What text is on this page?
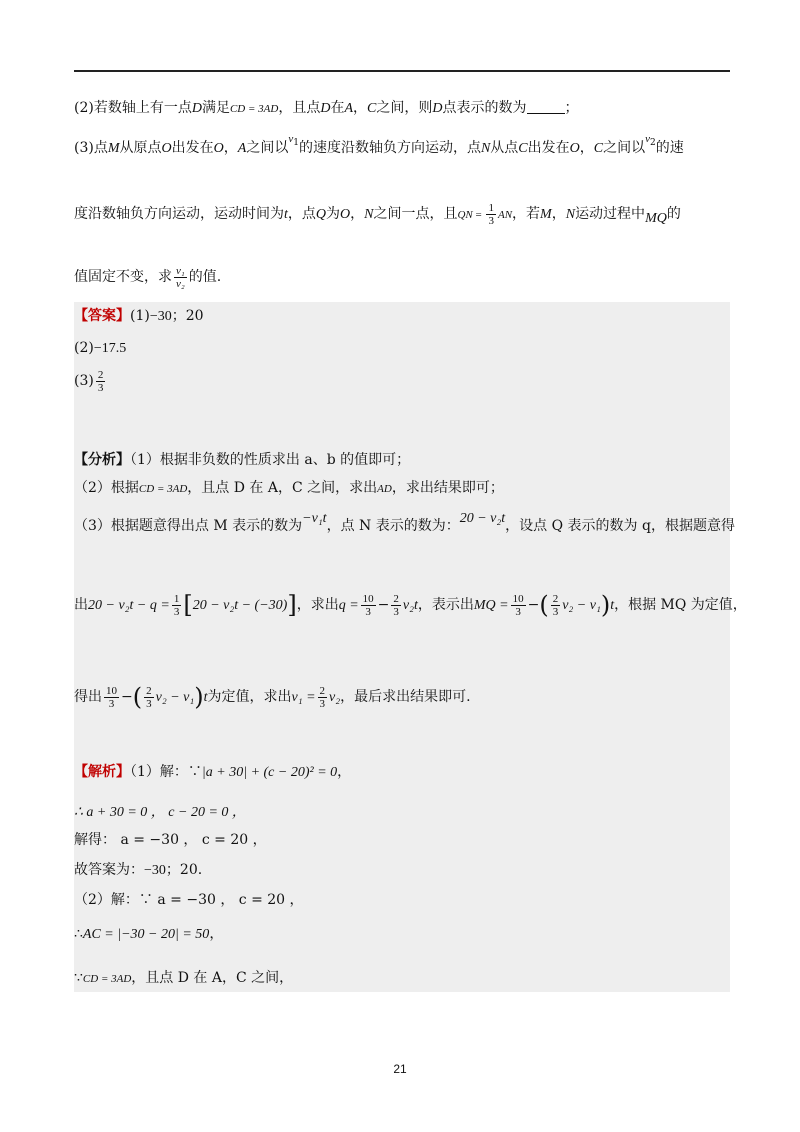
(2)若数轴上有一点D满足CD = 3AD，且点D在A，C之间，则D点表示的数为	；
(3)点M从原点O出发在O，A之间以$v_1$的速度沿数轴负方向运动，点N从点C出发在O，C之间以$v_2$的速
度沿数轴负方向运动，运动时间为t，点Q为O，N之间一点，且QN = $\frac{1}{3}$ AN，若M，N运动过程中MQ的
值固定不变，求 $\frac{\text{v₁}}{\text{v₂}}$ 的值.
【答案】(1)−30；20
(2)−17.5
$(3) \frac{2}{3}$
【分析】（1）根据非负数的性质求出 a、b 的值即可；
（2）根据CD = 3AD，且点 D 在 A，C 之间，求出AD，求出结果即可；
（3）根据题意得出点 M 表示的数为−v₁t，点 N 表示的数为：20 − v₂t，设点 Q 表示的数为 q，根据题意得
出$20 - v_2t - q = \frac{1}{3} [20 - v_2t - (-30)]$，求出$q = \frac{10}{3} - \frac{2}{3} v_2t$，表示出MQ = $\frac{10}{3}$ −( $\frac{2}{3} v_2 - v_1)t$，根据 MQ 为定值，
得出 $\frac{10}{3}$ −( $\frac{2}{3} v_2 - v_1)t$为定值，求出$v_1 = \frac{2}{3} v_2$，最后求出结果即可.
【解析】（1）解：∵|a + 30| + (c − 20)² = 0，
∴ a + 30 = 0 ， c − 20 = 0 ，
解得： a = −30 ， c = 20 ，
故答案为：−30；20.
（2）解：∵ a = −30 ， c = 20 ，
∴AC = |−30 − 20| = 50，
∵CD = 3AD，且点 D 在 A，C 之间，
21
